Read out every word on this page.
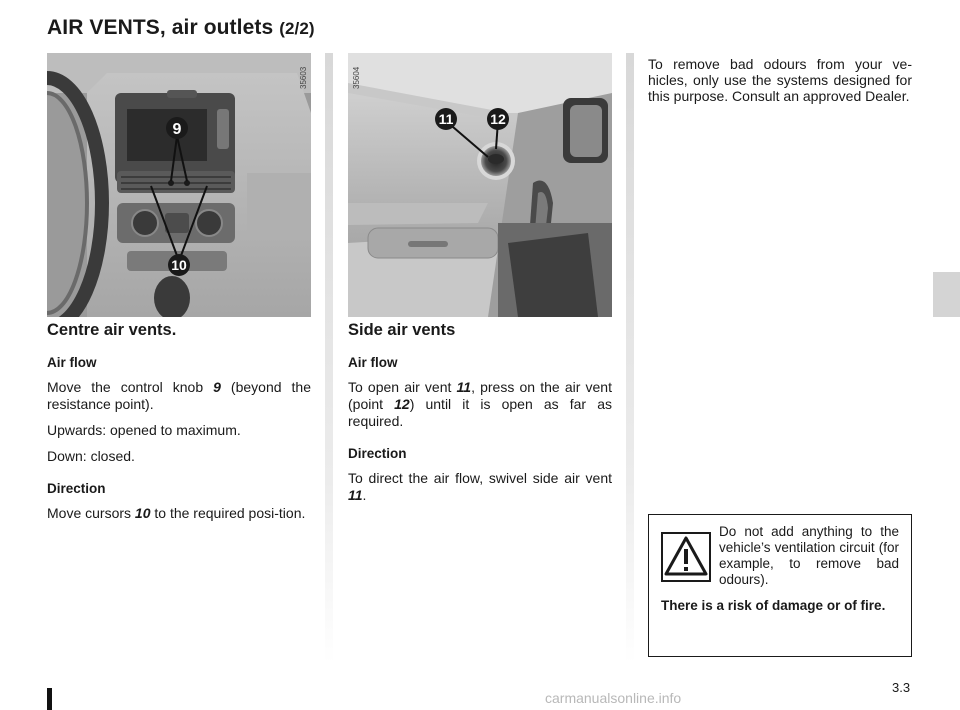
AIR VENTS, air outlets (2/2)
9
10
35603
11	12
35604
Centre air vents.
Air flow

Move the control knob 9 (beyond the resistance point).

Upwards: opened to maximum.

Down: closed.

Direction

Move cursors 10 to the required posi-tion.

Side air vents
Air flow

To open air vent 11, press on the air vent (point 12) until it is open as far as required.

Direction

To direct the air flow, swivel side air vent 11.

To remove bad odours from your ve-hicles, only use the systems designed for this purpose. Consult an approved Dealer.

Do not add anything to the vehicle’s ventilation circuit (for example, to remove bad odours).

There is a risk of damage or of fire.

3.3
carmanualsonline.info
